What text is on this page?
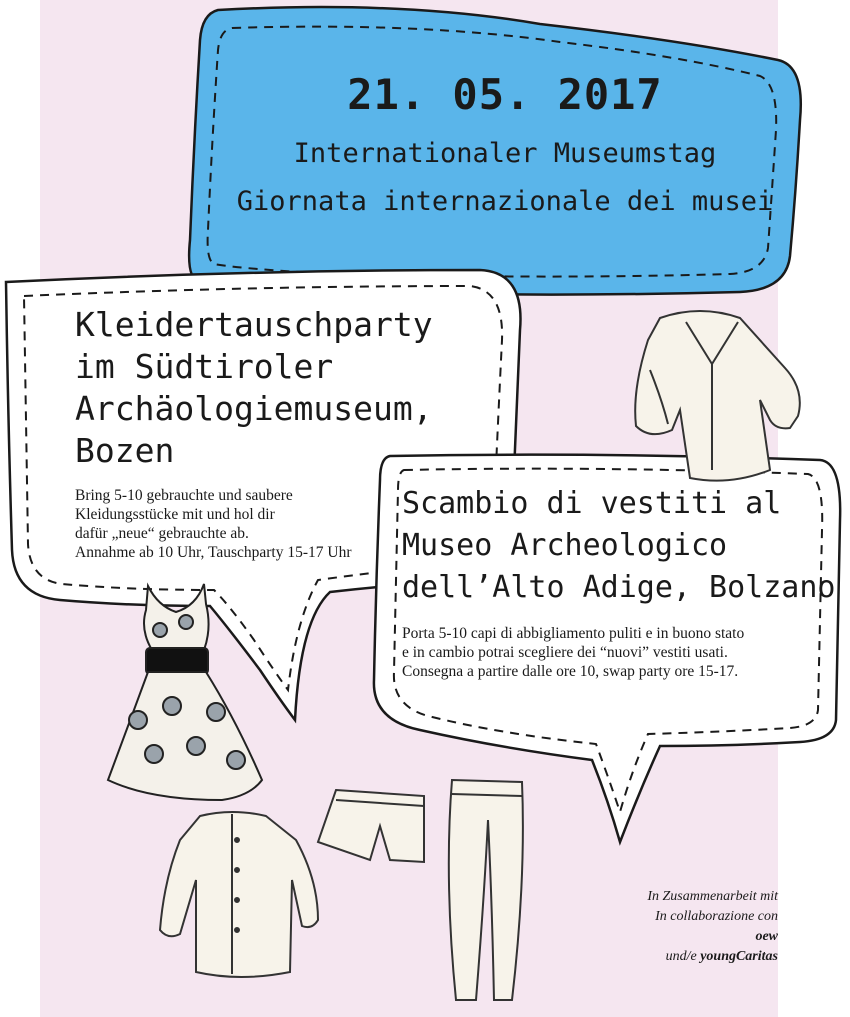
21. 05. 2017
Internationaler Museumstag
Giornata internazionale dei musei
Kleidertauschparty
im Südtiroler
Archäologiemuseum,
Bozen
Bring 5-10 gebrauchte und saubere
Kleidungsstücke mit und hol dir
dafür „neue“ gebrauchte ab.
Annahme ab 10 Uhr, Tauschparty 15-17 Uhr
Scambio di vestiti al
Museo Archeologico
dell’Alto Adige, Bolzano
Porta 5-10 capi di abbigliamento puliti e in buono stato
e in cambio potrai scegliere dei “nuovi” vestiti usati.
Consegna a partire dalle ore 10, swap party ore 15-17.
In Zusammenarbeit mit
In collaborazione con
oew
und/e youngCaritas
